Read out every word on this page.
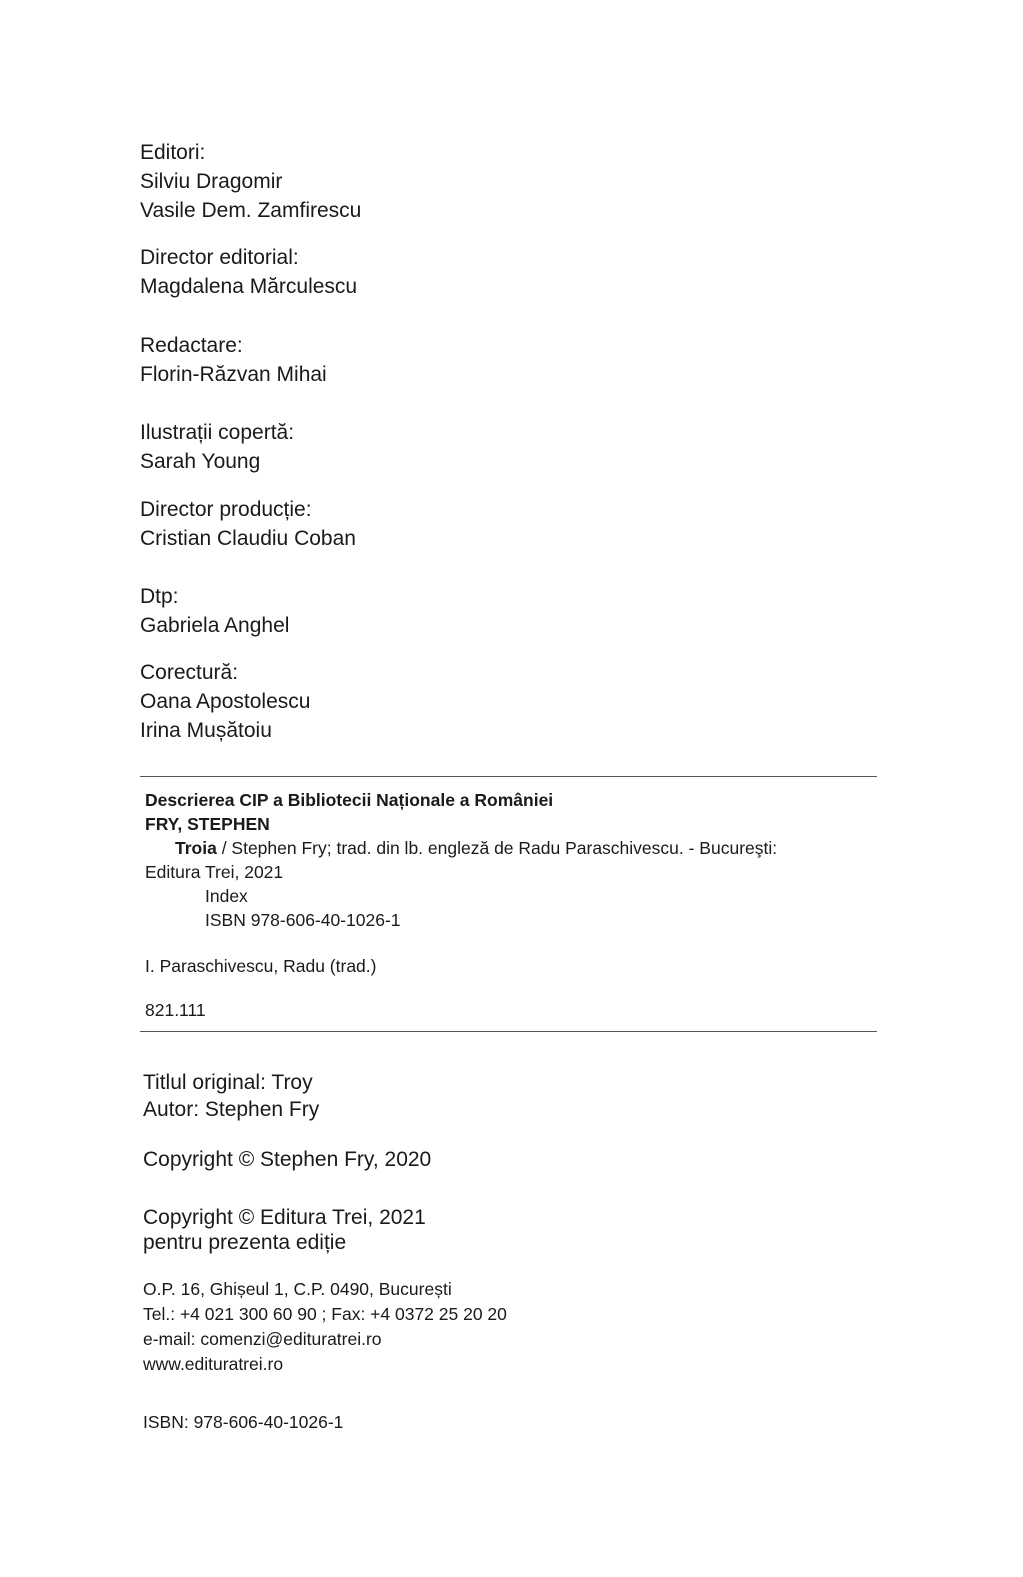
Editori:
Silviu Dragomir
Vasile Dem. Zamfirescu
Director editorial:
Magdalena Mărculescu
Redactare:
Florin-Răzvan Mihai
Ilustrații copertă:
Sarah Young
Director producție:
Cristian Claudiu Coban
Dtp:
Gabriela Anghel
Corectură:
Oana Apostolescu
Irina Mușătoiu
Descrierea CIP a Bibliotecii Naționale a României
FRY, STEPHEN
Troia / Stephen Fry; trad. din lb. engleză de Radu Paraschivescu. - Bucureşti:
Editura Trei, 2021
Index
ISBN 978-606-40-1026-1
I. Paraschivescu, Radu (trad.)
821.111
Titlul original: Troy
Autor: Stephen Fry
Copyright © Stephen Fry, 2020
Copyright © Editura Trei, 2021
pentru prezenta ediție
O.P. 16, Ghișeul 1, C.P. 0490, București
Tel.: +4 021 300 60 90 ; Fax: +4 0372 25 20 20
e-mail: comenzi@edituratrei.ro
www.edituratrei.ro
ISBN: 978-606-40-1026-1
